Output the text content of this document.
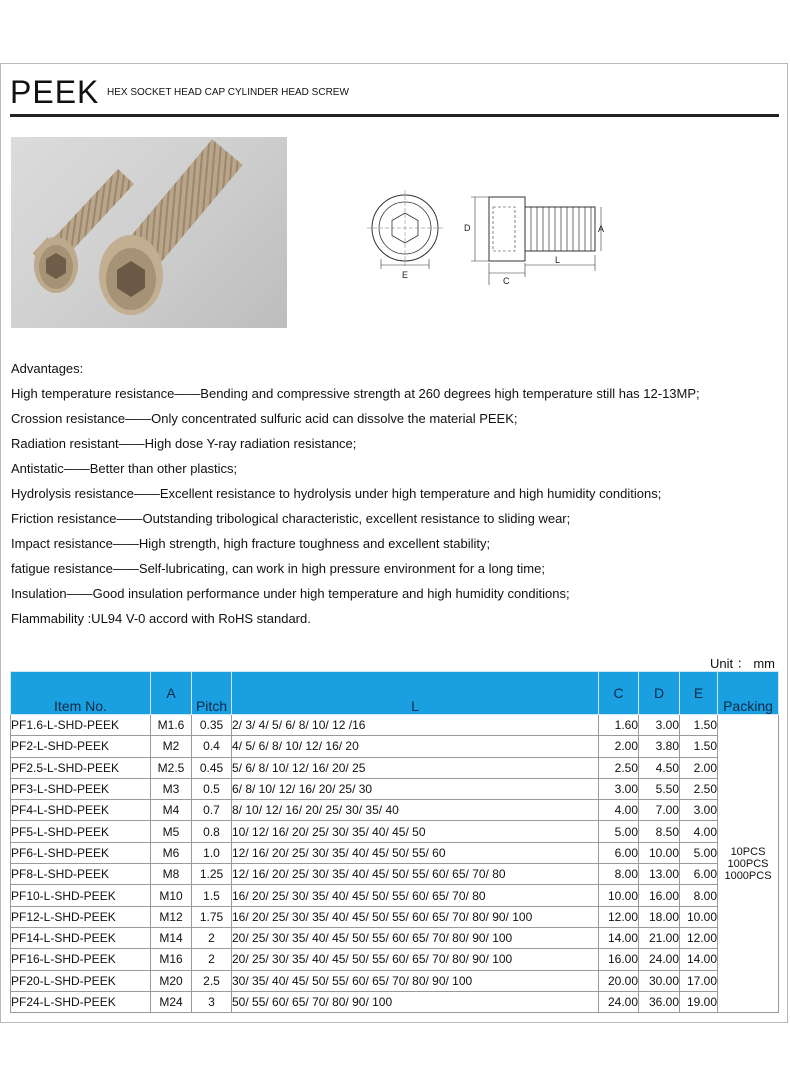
PEEK HEX SOCKET HEAD CAP CYLINDER HEAD SCREW
E
D	A
C
L
Advantages:
High temperature resistance——Bending and compressive strength at 260 degrees high temperature still has 12-13MP;
Crossion resistance——Only concentrated sulfuric acid can dissolve the material PEEK;
Radiation resistant——High dose Y-ray radiation resistance;
Antistatic——Better than other plastics;
Hydrolysis resistance——Excellent resistance to hydrolysis under high temperature and high humidity conditions;
Friction resistance——Outstanding tribological characteristic, excellent resistance to sliding wear;
Impact resistance——High strength, high fracture toughness and excellent stability;
fatigue resistance——Self-lubricating, can work in high pressure environment for a long time;
Insulation——Good insulation performance under high temperature and high humidity conditions;
Flammability :UL94 V-0 accord with RoHS standard.
Unit ： mm
Item No.	A	Pitch	L	C	D	E	Packing
PF1.6-L-SHD-PEEK	M1.6	0.35	2/ 3/ 4/ 5/ 6/ 8/ 10/ 12 /16	1.60	3.00	1.50	10PCS
100PCS
1000PCS

PF2-L-SHD-PEEK	M2	0.4	4/ 5/ 6/ 8/ 10/ 12/ 16/ 20	2.00	3.80	1.50	
PF2.5-L-SHD-PEEK	M2.5	0.45	5/ 6/ 8/ 10/ 12/ 16/ 20/ 25	2.50	4.50	2.00	
PF3-L-SHD-PEEK	M3	0.5	6/ 8/ 10/ 12/ 16/ 20/ 25/ 30	3.00	5.50	2.50	
PF4-L-SHD-PEEK	M4	0.7	8/ 10/ 12/ 16/ 20/ 25/ 30/ 35/ 40	4.00	7.00	3.00	
PF5-L-SHD-PEEK	M5	0.8	10/ 12/ 16/ 20/ 25/ 30/ 35/ 40/ 45/ 50	5.00	8.50	4.00	
PF6-L-SHD-PEEK	M6	1.0	12/ 16/ 20/ 25/ 30/ 35/ 40/ 45/ 50/ 55/ 60	6.00	10.00	5.00	
PF8-L-SHD-PEEK	M8	1.25	12/ 16/ 20/ 25/ 30/ 35/ 40/ 45/ 50/ 55/ 60/ 65/ 70/ 80	8.00	13.00	6.00	
PF10-L-SHD-PEEK	M10	1.5	16/ 20/ 25/ 30/ 35/ 40/ 45/ 50/ 55/ 60/ 65/ 70/ 80	10.00	16.00	8.00	
PF12-L-SHD-PEEK	M12	1.75	16/ 20/ 25/ 30/ 35/ 40/ 45/ 50/ 55/ 60/ 65/ 70/ 80/ 90/ 100	12.00	18.00	10.00	
PF14-L-SHD-PEEK	M14	2	20/ 25/ 30/ 35/ 40/ 45/ 50/ 55/ 60/ 65/ 70/ 80/ 90/ 100	14.00	21.00	12.00	
PF16-L-SHD-PEEK	M16	2	20/ 25/ 30/ 35/ 40/ 45/ 50/ 55/ 60/ 65/ 70/ 80/ 90/ 100	16.00	24.00	14.00	
PF20-L-SHD-PEEK	M20	2.5	30/ 35/ 40/ 45/ 50/ 55/ 60/ 65/ 70/ 80/ 90/ 100	20.00	30.00	17.00	
PF24-L-SHD-PEEK	M24	3	50/ 55/ 60/ 65/ 70/ 80/ 90/ 100	24.00	36.00	19.00	
